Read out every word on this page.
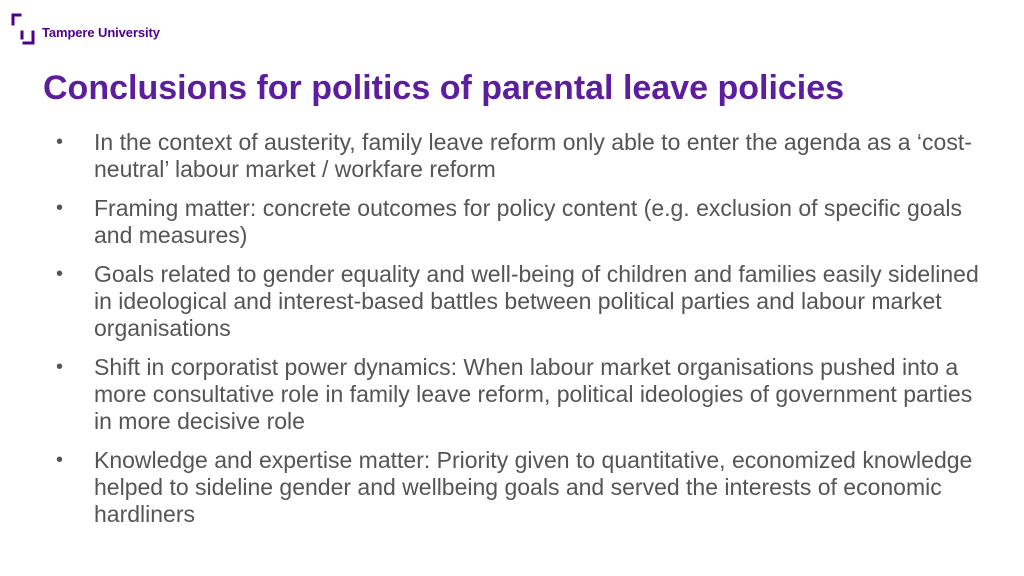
Tampere University
Conclusions for politics of parental leave policies
• In the context of austerity, family leave reform only able to enter the agenda as a ‘cost-neutral’ labour market / workfare reform
• Framing matter: concrete outcomes for policy content (e.g. exclusion of specific goals and measures)
• Goals related to gender equality and well-being of children and families easily sidelined in ideological and interest-based battles between political parties and labour market organisations
• Shift in corporatist power dynamics: When labour market organisations pushed into a more consultative role in family leave reform, political ideologies of government parties in more decisive role
• Knowledge and expertise matter: Priority given to quantitative, economized knowledge helped to sideline gender and wellbeing goals and served the interests of economic hardliners
